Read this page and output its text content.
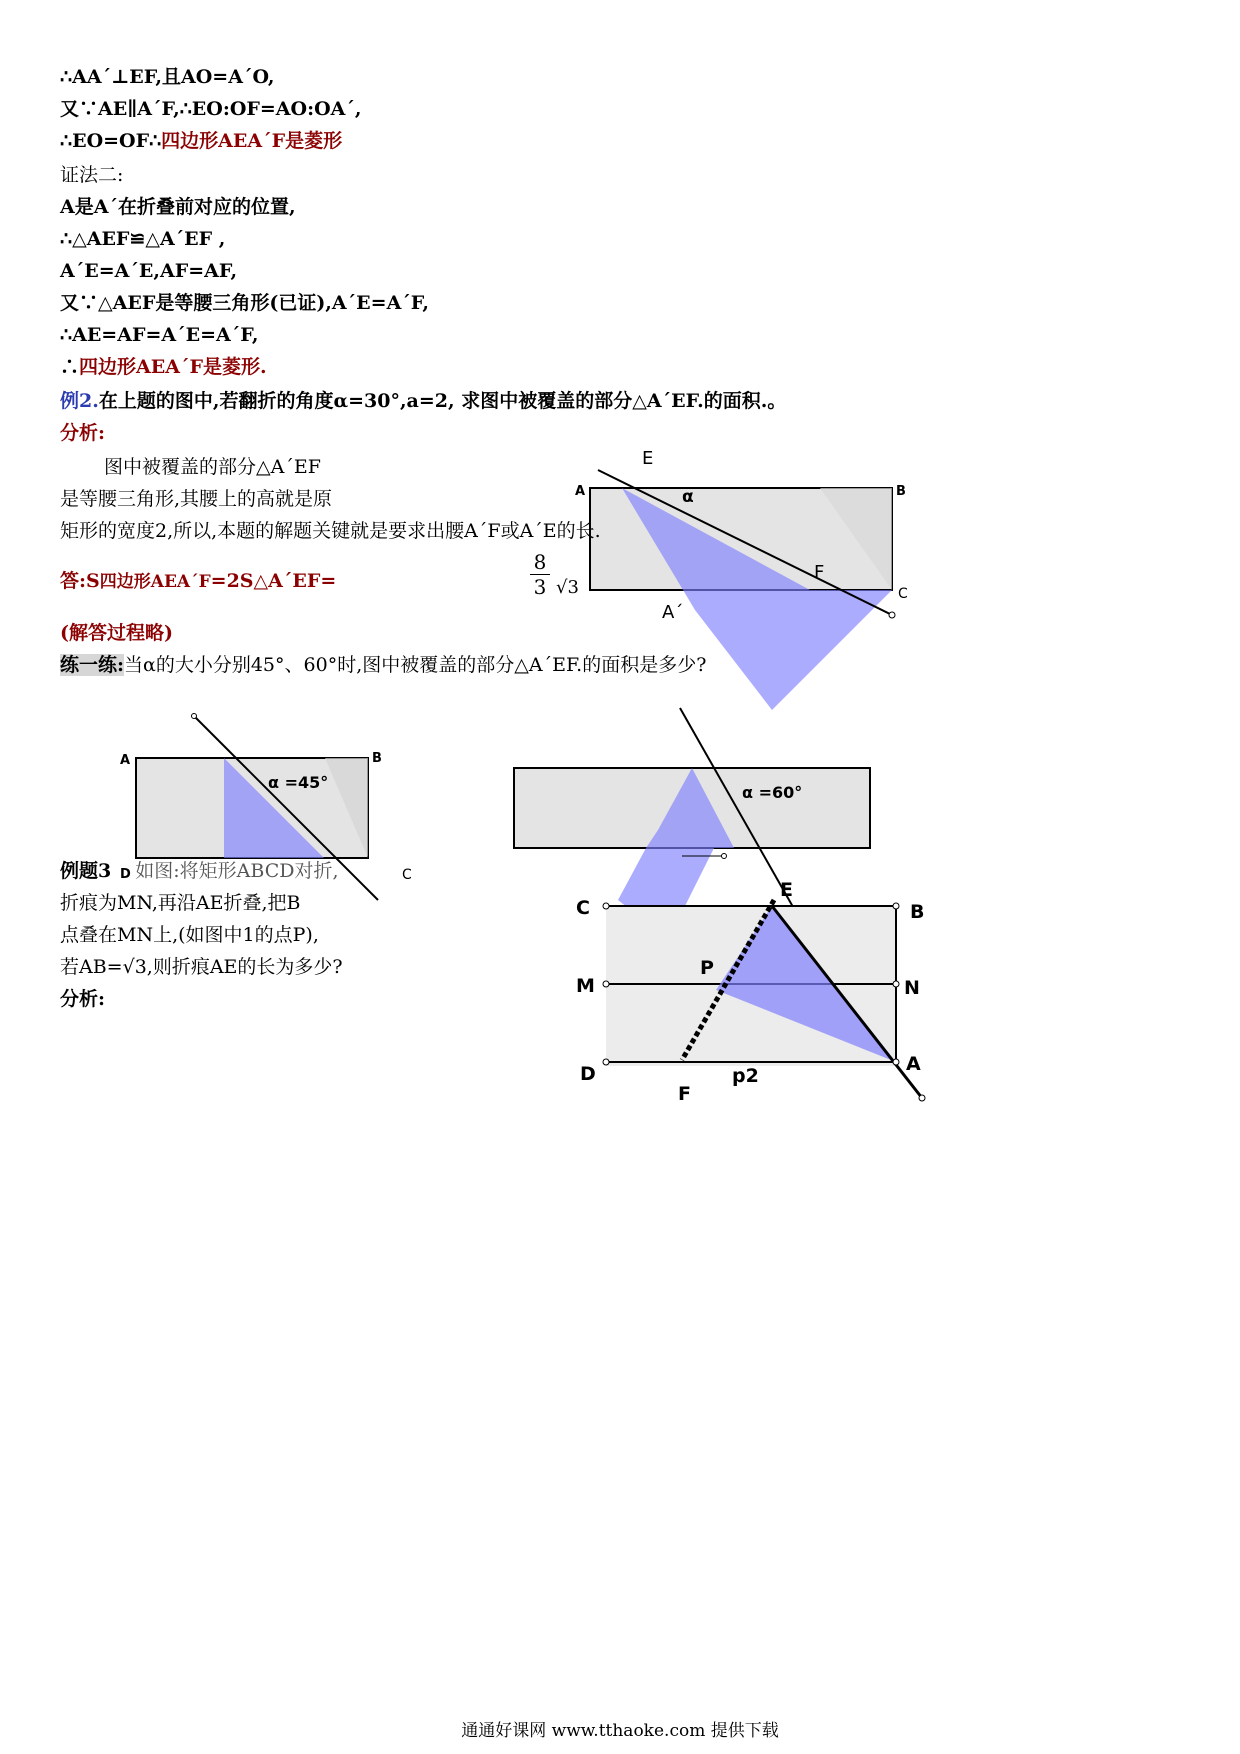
∴AA´⊥EF,且AO=A´O,
又∵AE∥A´F,∴EO:OF=AO:OA´,
∴EO=OF∴四边形AEA´F是菱形
证法二:
A是A´在折叠前对应的位置,
∴△AEF≌△A´EF ,
A´E=A´E,AF=AF,
又∵△AEF是等腰三角形(已证),A´E=A´F,
∴AE=AF=A´E=A´F,
∴四边形AEA´F是菱形.
例2.在上题的图中,若翻折的角度α=30°,a=2, 求图中被覆盖的部分△A´EF.的面积.。
分析:
图中被覆盖的部分△A´EF
是等腰三角形,其腰上的高就是原
E
A	B
C
α
F
A´
矩形的宽度2,所以,本题的解题关键就是要求出腰A´F或A´E的长.
答:S四边形AEA´F=2S△A´EF=	$\frac{8}{3} √3$
(解答过程略)
练一练:当α的大小分别45°、60°时,图中被覆盖的部分△A´EF.的面积是多少?
A	B
C
D
α =45°
α =60°
例题3 如图:将矩形ABCD对折,
折痕为MN,再沿AE折叠,把B
点叠在MN上,(如图中1的点P),
若AB=√3,则折痕AE的长为多少?
分析:
C	B
M	N
D	A
E
P
F
p2
通通好课网 www.tthaoke.com 提供下载
